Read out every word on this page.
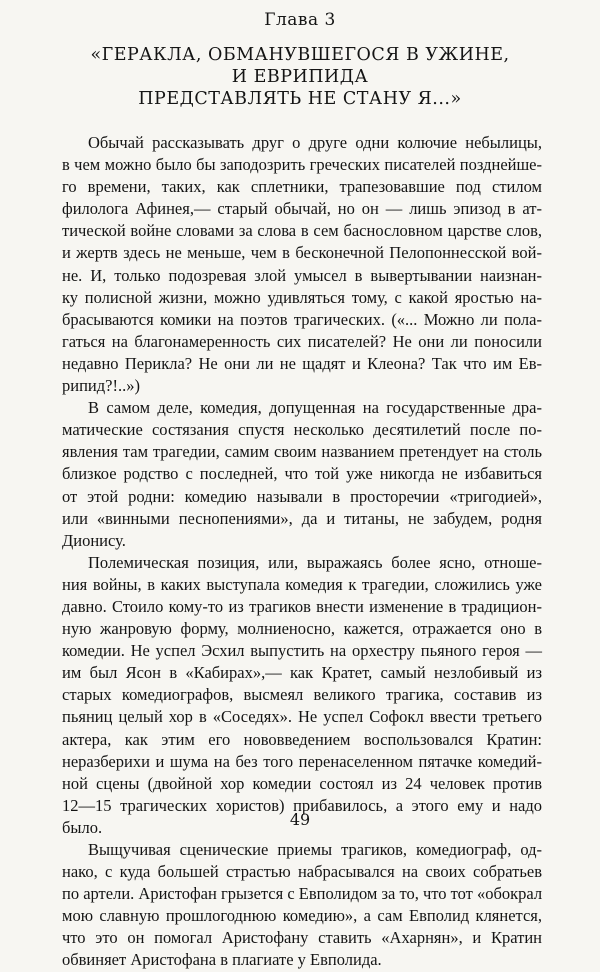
Глава 3
«ГЕРАКЛА, ОБМАНУВШЕГОСЯ В УЖИНЕ,
И ЕВРИПИДА
ПРЕДСТАВЛЯТЬ НЕ СТАНУ Я...»
Обычай рассказывать друг о друге одни колючие небылицы,
в чем можно было бы заподозрить греческих писателей позднейше-
го времени, таких, как сплетники, трапезовавшие под стилом
филолога Афинея,— старый обычай, но он — лишь эпизод в ат-
тической войне словами за слова в сем баснословном царстве слов,
и жертв здесь не меньше, чем в бесконечной Пелопоннесской вой-
не. И, только подозревая злой умысел в вывертывании наизнан-
ку полисной жизни, можно удивляться тому, с какой яростью на-
брасываются комики на поэтов трагических. («... Можно ли пола-
гаться на благонамеренность сих писателей? Не они ли поносили
недавно Перикла? Не они ли не щадят и Клеона? Так что им Ев-
рипид?!..»)
В самом деле, комедия, допущенная на государственные дра-
матические состязания спустя несколько десятилетий после по-
явления там трагедии, самим своим названием претендует на столь
близкое родство с последней, что той уже никогда не избавиться
от этой родни: комедию называли в просторечии «тригодией»,
или «винными песнопениями», да и титаны, не забудем, родня
Дионису.
Полемическая позиция, или, выражаясь более ясно, отноше-
ния войны, в каких выступала комедия к трагедии, сложились уже
давно. Стоило кому-то из трагиков внести изменение в традицион-
ную жанровую форму, молниеносно, кажется, отражается оно в
комедии. Не успел Эсхил выпустить на орхестру пьяного героя —
им был Ясон в «Кабирах»,— как Кратет, самый незлобивый из
старых комедиографов, высмеял великого трагика, составив из
пьяниц целый хор в «Соседях». Не успел Софокл ввести третьего
актера, как этим его нововведением воспользовался Кратин:
неразберихи и шума на без того перенаселенном пятачке комедий-
ной сцены (двойной хор комедии состоял из 24 человек против
12—15 трагических хористов) прибавилось, а этого ему и надо
было.
Выщучивая сценические приемы трагиков, комедиограф, од-
нако, с куда большей страстью набрасывался на своих собратьев
по артели. Аристофан грызется с Евполидом за то, что тот «обокрал
мою славную прошлогоднюю комедию», а сам Евполид клянется,
что это он помогал Аристофану ставить «Ахарнян», и Кратин
обвиняет Аристофана в плагиате у Евполида.
49
